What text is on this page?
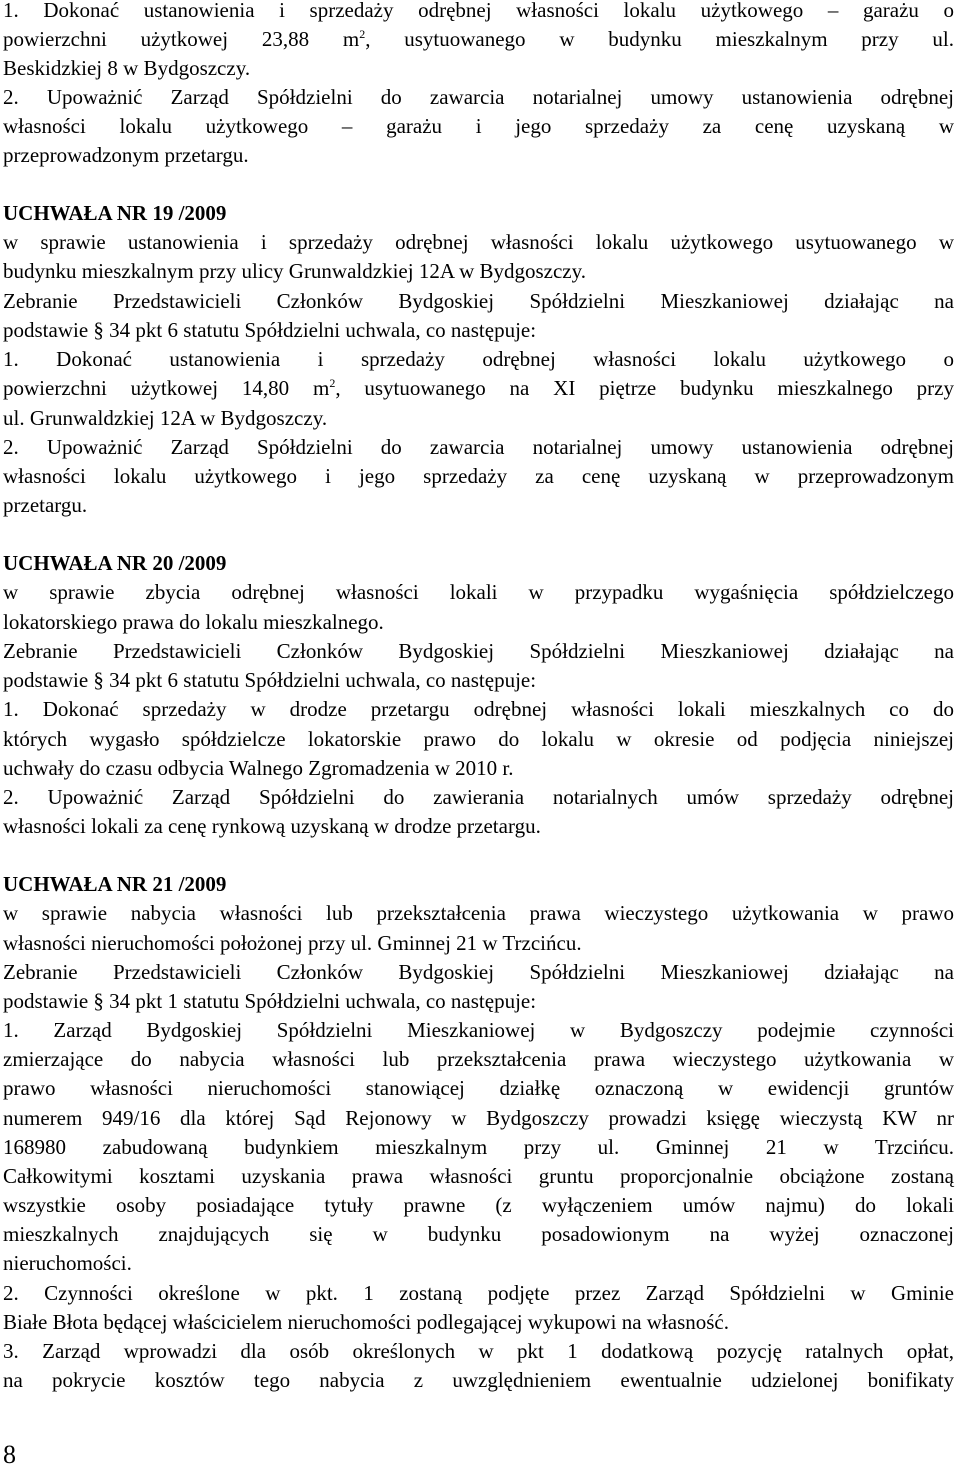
1. Dokonać ustanowienia i sprzedaży odrębnej własności lokalu użytkowego – garażu o
powierzchni użytkowej 23,88 $m^2$, usytuowanego w budynku mieszkalnym przy ul.
Beskidzkiej 8 w Bydgoszczy.
2. Upoważnić Zarząd Spółdzielni do zawarcia notarialnej umowy ustanowienia odrębnej
własności lokalu użytkowego – garażu i jego sprzedaży za cenę uzyskaną w
przeprowadzonym przetargu.
UCHWAŁA NR 19 /2009
w sprawie ustanowienia i sprzedaży odrębnej własności lokalu użytkowego usytuowanego w
budynku mieszkalnym przy ulicy Grunwaldzkiej 12A w Bydgoszczy.
Zebranie Przedstawicieli Członków Bydgoskiej Spółdzielni Mieszkaniowej działając na
podstawie § 34 pkt 6 statutu Spółdzielni uchwala, co następuje:
1. Dokonać ustanowienia i sprzedaży odrębnej własności lokalu użytkowego o
powierzchni użytkowej 14,80 $m^2$, usytuowanego na XI piętrze budynku mieszkalnego przy
ul. Grunwaldzkiej 12A w Bydgoszczy.
2. Upoważnić Zarząd Spółdzielni do zawarcia notarialnej umowy ustanowienia odrębnej
własności lokalu użytkowego i jego sprzedaży za cenę uzyskaną w przeprowadzonym
przetargu.
UCHWAŁA NR 20 /2009
w sprawie zbycia odrębnej własności lokali w przypadku wygaśnięcia spółdzielczego
lokatorskiego prawa do lokalu mieszkalnego.
Zebranie Przedstawicieli Członków Bydgoskiej Spółdzielni Mieszkaniowej działając na
podstawie § 34 pkt 6 statutu Spółdzielni uchwala, co następuje:
1. Dokonać sprzedaży w drodze przetargu odrębnej własności lokali mieszkalnych co do
których wygasło spółdzielcze lokatorskie prawo do lokalu w okresie od podjęcia niniejszej
uchwały do czasu odbycia Walnego Zgromadzenia w 2010 r.
2. Upoważnić Zarząd Spółdzielni do zawierania notarialnych umów sprzedaży odrębnej
własności lokali za cenę rynkową uzyskaną w drodze przetargu.
UCHWAŁA NR 21 /2009
w sprawie nabycia własności lub przekształcenia prawa wieczystego użytkowania w prawo
własności nieruchomości położonej przy ul. Gminnej 21 w Trzcińcu.
Zebranie Przedstawicieli Członków Bydgoskiej Spółdzielni Mieszkaniowej działając na
podstawie § 34 pkt 1 statutu Spółdzielni uchwala, co następuje:
1. Zarząd Bydgoskiej Spółdzielni Mieszkaniowej w Bydgoszczy podejmie czynności
zmierzające do nabycia własności lub przekształcenia prawa wieczystego użytkowania w
prawo własności nieruchomości stanowiącej działkę oznaczoną w ewidencji gruntów
numerem 949/16 dla której Sąd Rejonowy w Bydgoszczy prowadzi księgę wieczystą KW nr
168980 zabudowaną budynkiem mieszkalnym przy ul. Gminnej 21 w Trzcińcu.
Całkowitymi kosztami uzyskania prawa własności gruntu proporcjonalnie obciążone zostaną
wszystkie osoby posiadające tytuły prawne (z wyłączeniem umów najmu) do lokali
mieszkalnych znajdujących się w budynku posadowionym na wyżej oznaczonej
nieruchomości.
2. Czynności określone w pkt. 1 zostaną podjęte przez Zarząd Spółdzielni w Gminie
Białe Błota będącej właścicielem nieruchomości podlegającej wykupowi na własność.
3. Zarząd wprowadzi dla osób określonych w pkt 1 dodatkową pozycję ratalnych opłat,
na pokrycie kosztów tego nabycia z uwzględnieniem ewentualnie udzielonej bonifikaty
8
